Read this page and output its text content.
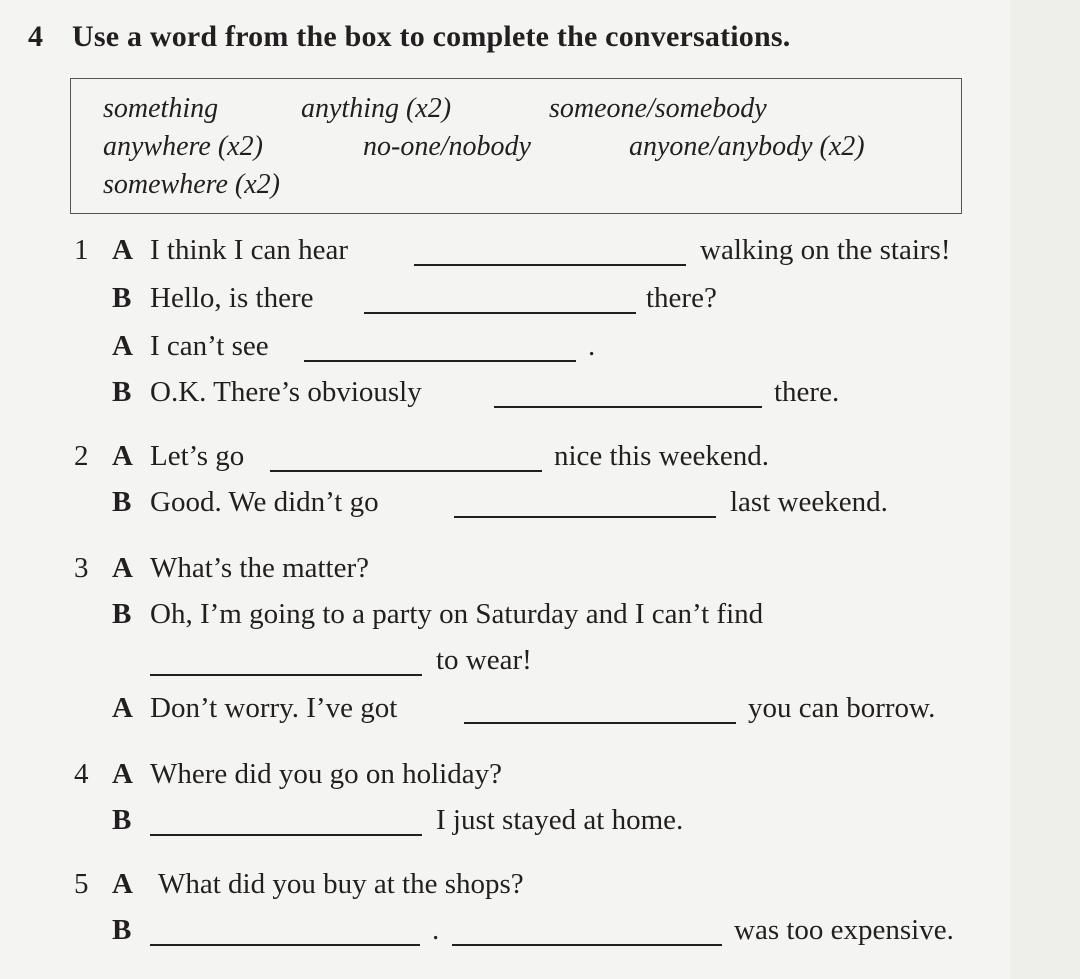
4 Use a word from the box to complete the conversations.
something	anything (x2)	someone/somebody
anywhere (x2)	no-one/nobody	anyone/anybody (x2)
somewhere (x2)
1 A I think I can hear	walking on the stairs!
B Hello, is there	there?
A I can’t see	.
B O.K. There’s obviously	there.
2 A Let’s go	nice this weekend.
B Good. We didn’t go	last weekend.
3 A What’s the matter?
B Oh, I’m going to a party on Saturday and I can’t find
to wear!
A Don’t worry. I’ve got	you can borrow.
4 A Where did you go on holiday?
B	I just stayed at home.
5 A What did you buy at the shops?
B	.	was too expensive.
